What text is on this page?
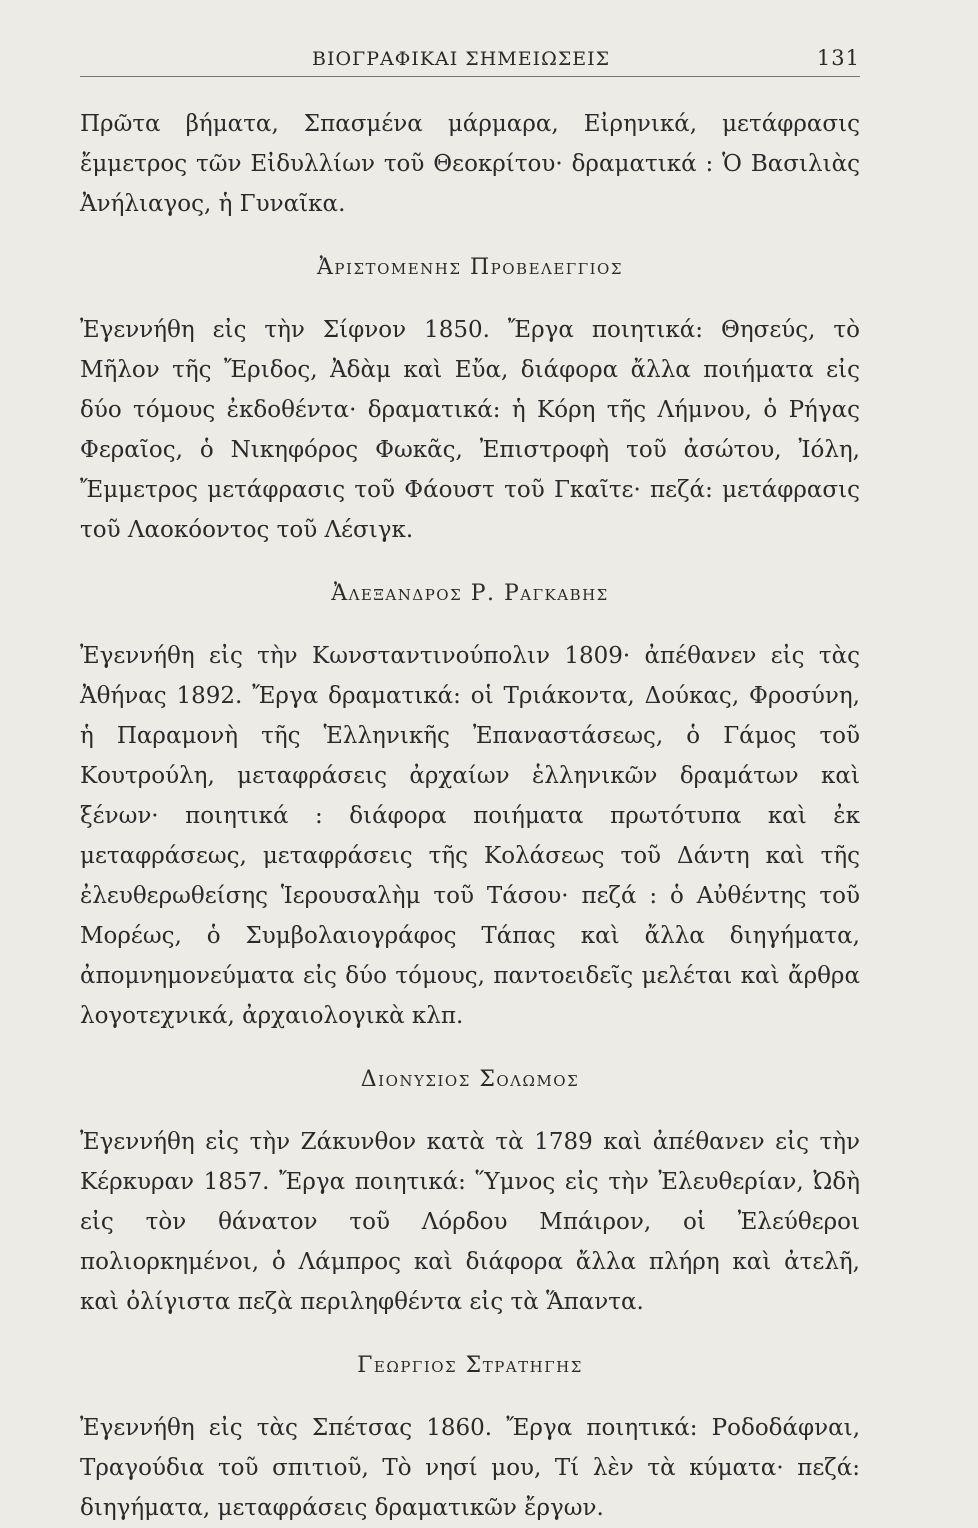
ΒΙΟΓΡΑΦΙΚΑΙ ΣΗΜΕΙΩΣΕΙΣ	131

Πρῶτα βήματα, Σπασμένα μάρμαρα, Εἰρηνικά, μετάφρασις ἔμμετρος τῶν Εἰδυλλίων τοῦ Θεοκρίτου· δραματικά : Ὁ Βασιλιὰς Ἀνήλιαγος, ἡ Γυναῖκα.

Ἀριστομενης Προβελεγγιος

Ἐγεννήθη εἰς τὴν Σίφνον 1850. Ἔργα ποιητικά: Θησεύς, τὸ Μῆλον τῆς Ἔριδος, Ἀδὰμ καὶ Εὔα, διάφορα ἄλλα ποιήματα εἰς δύο τόμους ἐκδοθέντα· δραματικά: ἡ Κόρη τῆς Λήμνου, ὁ Ρήγας Φεραῖος, ὁ Νικηφόρος Φωκᾶς, Ἐπιστροφὴ τοῦ ἀσώτου, Ἰόλη, Ἔμμετρος μετάφρασις τοῦ Φάουστ τοῦ Γκαῖτε· πεζά: μετάφρασις τοῦ Λαοκόοντος τοῦ Λέσιγκ.

Ἀλεξανδρος Ρ. Ραγκαβης

Ἐγεννήθη εἰς τὴν Κωνσταντινούπολιν 1809· ἀπέθανεν εἰς τὰς Ἀθήνας 1892. Ἔργα δραματικά: οἱ Τριάκοντα, Δούκας, Φροσύνη, ἡ Παραμονὴ τῆς Ἑλληνικῆς Ἐπαναστάσεως, ὁ Γάμος τοῦ Κουτρούλη, μεταφράσεις ἀρχαίων ἑλληνικῶν δραμάτων καὶ ξένων· ποιητικά : διάφορα ποιήματα πρωτότυπα καὶ ἐκ μεταφράσεως, μεταφράσεις τῆς Κολάσεως τοῦ Δάντη καὶ τῆς ἐλευθερωθείσης Ἱερουσαλὴμ τοῦ Τάσου· πεζά : ὁ Αὐθέντης τοῦ Μορέως, ὁ Συμβολαιογράφος Τάπας καὶ ἄλλα διηγήματα, ἀπομνημονεύματα εἰς δύο τόμους, παντοειδεῖς μελέται καὶ ἄρθρα λογοτεχνικά, ἀρχαιολογικὰ κλπ.

Διονυσιος Σολωμος

Ἐγεννήθη εἰς τὴν Ζάκυνθον κατὰ τὰ 1789 καὶ ἀπέθανεν εἰς τὴν Κέρκυραν 1857. Ἔργα ποιητικά: Ὕμνος εἰς τὴν Ἐλευθερίαν, Ὠδὴ εἰς τὸν θάνατον τοῦ Λόρδου Μπάιρον, οἱ Ἐλεύθεροι πολιορκημένοι, ὁ Λάμπρος καὶ διάφορα ἄλλα πλήρη καὶ ἀτελῆ, καὶ ὀλίγιστα πεζὰ περιληφθέντα εἰς τὰ Ἅπαντα.

Γεωργιος Στρατηγης

Ἐγεννήθη εἰς τὰς Σπέτσας 1860. Ἔργα ποιητικά: Ροδοδάφναι, Τραγούδια τοῦ σπιτιοῦ, Τὸ νησί μου, Τί λὲν τὰ κύματα· πεζά: διηγήματα, μεταφράσεις δραματικῶν ἔργων.
